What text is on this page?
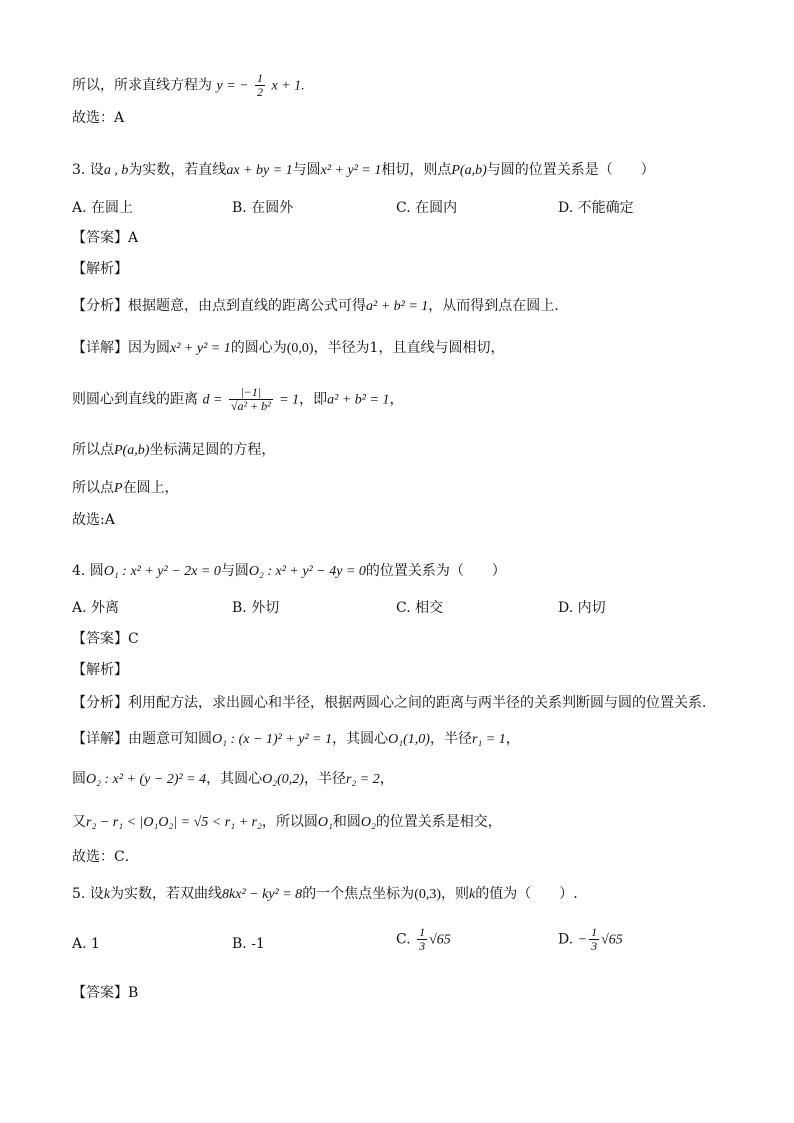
所以，所求直线方程为 y = − $\frac{1}{2}$ x + 1.
故选：A
3. 设a , b为实数，若直线ax + by = 1与圆x² + y² = 1相切，则点P(a,b)与圆的位置关系是（　　）
A. 在圆上	B. 在圆外	C. 在圆内	D. 不能确定
【答案】A
【解析】
【分析】根据题意，由点到直线的距离公式可得a² + b² = 1，从而得到点在圆上.
【详解】因为圆x² + y² = 1的圆心为(0,0)，半径为1，且直线与圆相切，
则圆心到直线的距离 $d = \frac{|-1|}{\text{√a² + b²}} = 1$，即a² + b² = 1，
所以点P(a,b)坐标满足圆的方程，
所以点P在圆上，
故选:A
4. 圆O₁ : x² + y² − 2x = 0与圆O₂ : x² + y² − 4y = 0的位置关系为（　　）
A. 外离	B. 外切	C. 相交	D. 内切
【答案】C
【解析】
【分析】利用配方法，求出圆心和半径，根据两圆心之间的距离与两半径的关系判断圆与圆的位置关系．
【详解】由题意可知圆O₁ : (x − 1)² + y² = 1，其圆心O₁(1,0)，半径r₁ = 1，
圆O₂ : x² + (y − 2)² = 4，其圆心O₂(0,2)，半径r₂ = 2，
又r₂ − r₁ < |O₁O₂| = √5 < r₁ + r₂，所以圆O₁和圆O₂的位置关系是相交，
故选：C．
5. 设k为实数，若双曲线8kx² − ky² = 8的一个焦点坐标为(0,3)，则k的值为（　　）.
A. 1	B. -1	C. $\frac{1}{3} √65$	D. − $\frac{1}{3} √65$
【答案】B
